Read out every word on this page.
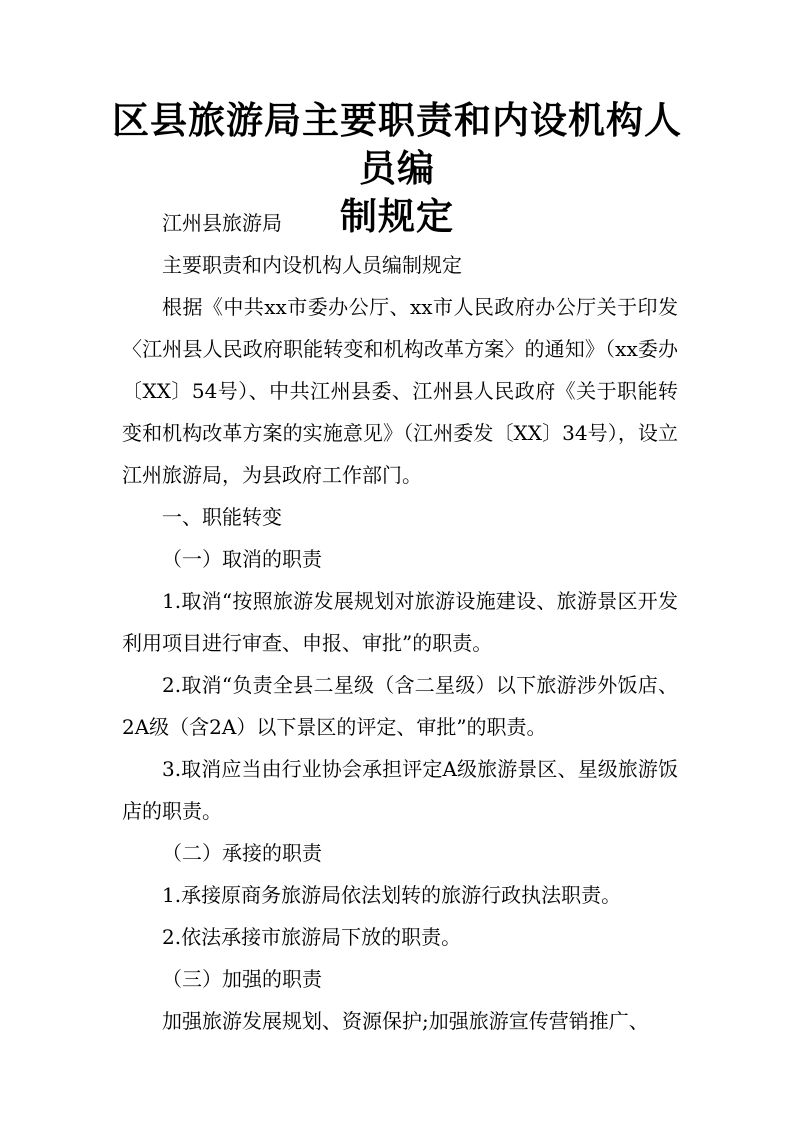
区县旅游局主要职责和内设机构人员编
制规定

江州县旅游局

主要职责和内设机构人员编制规定

根据《中共xx市委办公厅、xx市人民政府办公厅关于印发〈江州县人民政府职能转变和机构改革方案〉的通知》（xx委办〔XX〕54号）、中共江州县委、江州县人民政府《关于职能转变和机构改革方案的实施意见》（江州委发〔XX〕34号），设立江州旅游局，为县政府工作部门。

一、职能转变

（一）取消的职责

1.取消“按照旅游发展规划对旅游设施建设、旅游景区开发利用项目进行审查、申报、审批”的职责。

2.取消“负责全县二星级（含二星级）以下旅游涉外饭店、2A级（含2A）以下景区的评定、审批”的职责。

3.取消应当由行业协会承担评定A级旅游景区、星级旅游饭店的职责。

（二）承接的职责

1.承接原商务旅游局依法划转的旅游行政执法职责。

2.依法承接市旅游局下放的职责。

（三）加强的职责

加强旅游发展规划、资源保护;加强旅游宣传营销推广、
